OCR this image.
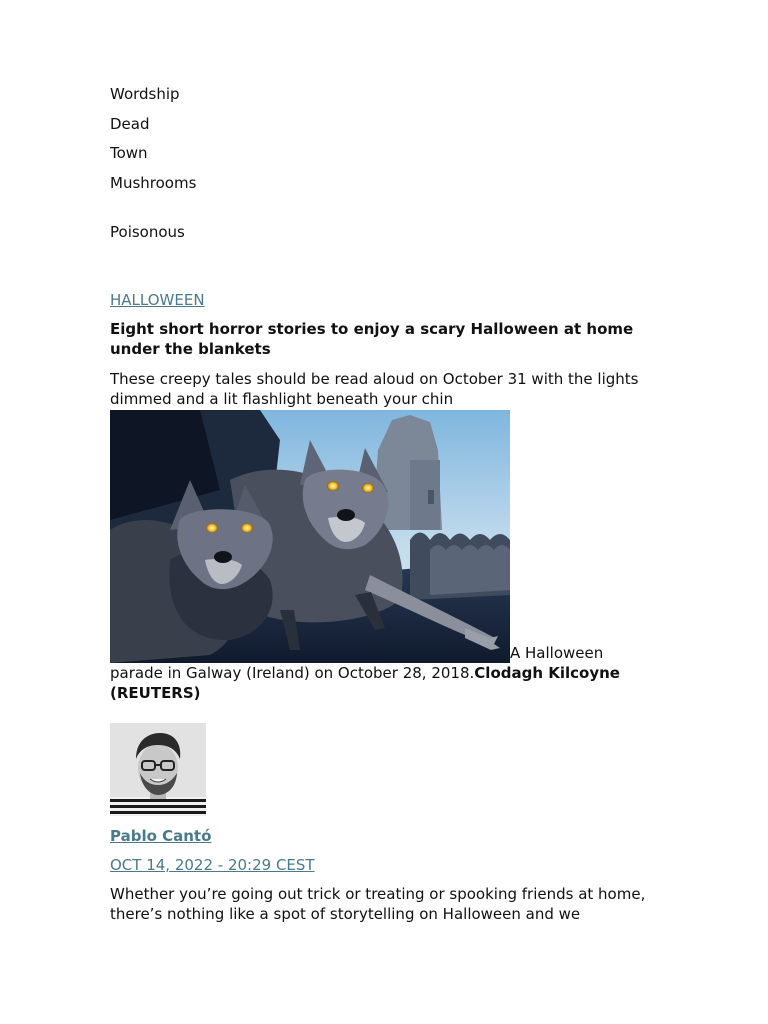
Wordship
Dead
Town
Mushrooms
Poisonous
HALLOWEEN
Eight short horror stories to enjoy a scary Halloween at home under the blankets
These creepy tales should be read aloud on October 31 with the lights dimmed and a lit flashlight beneath your chin
A Halloween parade in Galway (Ireland) on October 28, 2018.Clodagh Kilcoyne (REUTERS)
Pablo Cantó
OCT 14, 2022 - 20:29 CEST
Whether you’re going out trick or treating or spooking friends at home, there’s nothing like a spot of storytelling on Halloween and we
